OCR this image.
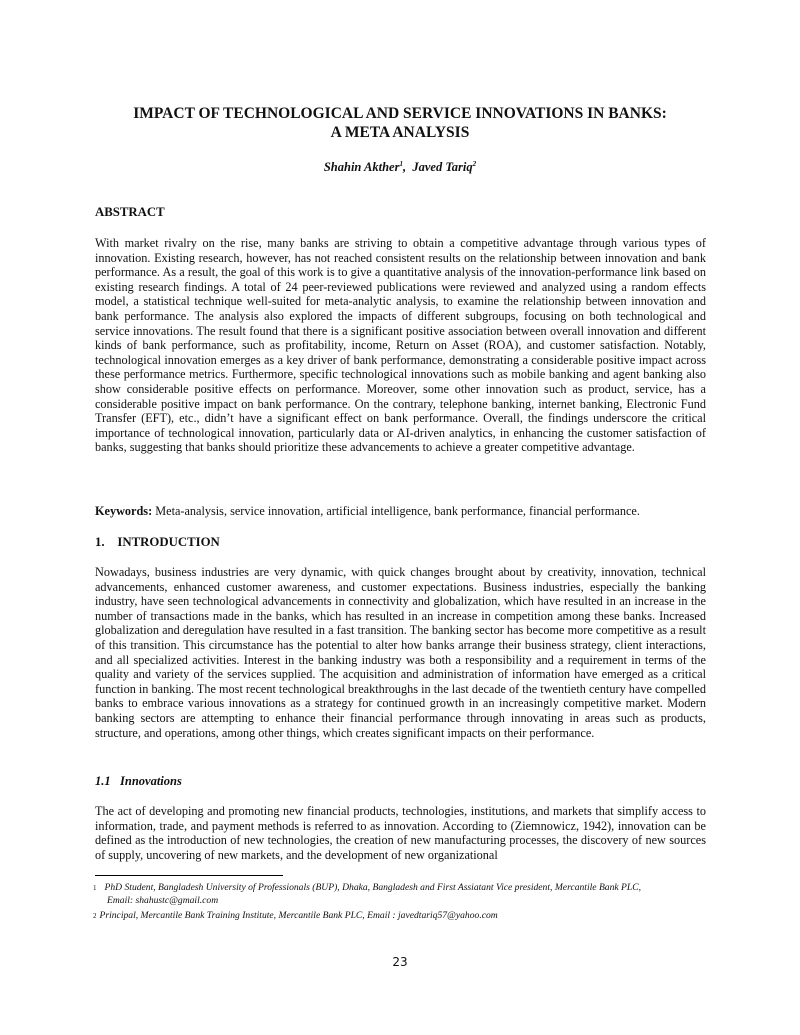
IMPACT OF TECHNOLOGICAL AND SERVICE INNOVATIONS IN BANKS:
A META ANALYSIS
Shahin Akther$^1$,  Javed Tariq$^2$
ABSTRACT

With market rivalry on the rise, many banks are striving to obtain a competitive advantage through various types of innovation. Existing research, however, has not reached consistent results on the relationship between innovation and bank performance. As a result, the goal of this work is to give a quantitative analysis of the innovation-performance link based on existing research findings. A total of 24 peer-reviewed publications were reviewed and analyzed using a random effects model, a statistical technique well-suited for meta-analytic analysis, to examine the relationship between innovation and bank performance. The analysis also explored the impacts of different subgroups, focusing on both technological and service innovations. The result found that there is a significant positive association between overall innovation and different kinds of bank performance, such as profitability, income, Return on Asset (ROA), and customer satisfaction. Notably, technological innovation emerges as a key driver of bank performance, demonstrating a considerable positive impact across these performance metrics. Furthermore, specific technological innovations such as mobile banking and agent banking also show considerable positive effects on performance. Moreover, some other innovation such as product, service, has a considerable positive impact on bank performance. On the contrary, telephone banking, internet banking, Electronic Fund Transfer (EFT), etc., didn’t have a significant effect on bank performance. Overall, the findings underscore the critical importance of technological innovation, particularly data or AI-driven analytics, in enhancing the customer satisfaction of banks, suggesting that banks should prioritize these advancements to achieve a greater competitive advantage.

Keywords: Meta-analysis, service innovation, artificial intelligence, bank performance, financial performance.

1.    INTRODUCTION

Nowadays, business industries are very dynamic, with quick changes brought about by creativity, innovation, technical advancements, enhanced customer awareness, and customer expectations. Business industries, especially the banking industry, have seen technological advancements in connectivity and globalization, which have resulted in an increase in the number of transactions made in the banks, which has resulted in an increase in competition among these banks. Increased globalization and deregulation have resulted in a fast transition. The banking sector has become more competitive as a result of this transition. This circumstance has the potential to alter how banks arrange their business strategy, client interactions, and all specialized activities. Interest in the banking industry was both a responsibility and a requirement in terms of the quality and variety of the services supplied. The acquisition and administration of information have emerged as a critical function in banking. The most recent technological breakthroughs in the last decade of the twentieth century have compelled banks to embrace various innovations as a strategy for continued growth in an increasingly competitive market. Modern banking sectors are attempting to enhance their financial performance through innovating in areas such as products, structure, and operations, among other things, which creates significant impacts on their performance.

1.1   Innovations

The act of developing and promoting new financial products, technologies, institutions, and markets that simplify access to information, trade, and payment methods is referred to as innovation. According to (Ziemnowicz, 1942), innovation can be defined as the introduction of new technologies, the creation of new manufacturing processes, the discovery of new sources of supply, uncovering of new markets, and the development of new organizational

$^1$ PhD Student, Bangladesh University of Professionals (BUP), Dhaka, Bangladesh and First Assiatant Vice president, Mercantile Bank PLC,
Email: shahustc@gmail.com

$^2$ Principal, Mercantile Bank Training Institute, Mercantile Bank PLC, Email : javedtariq57@yahoo.com

23
